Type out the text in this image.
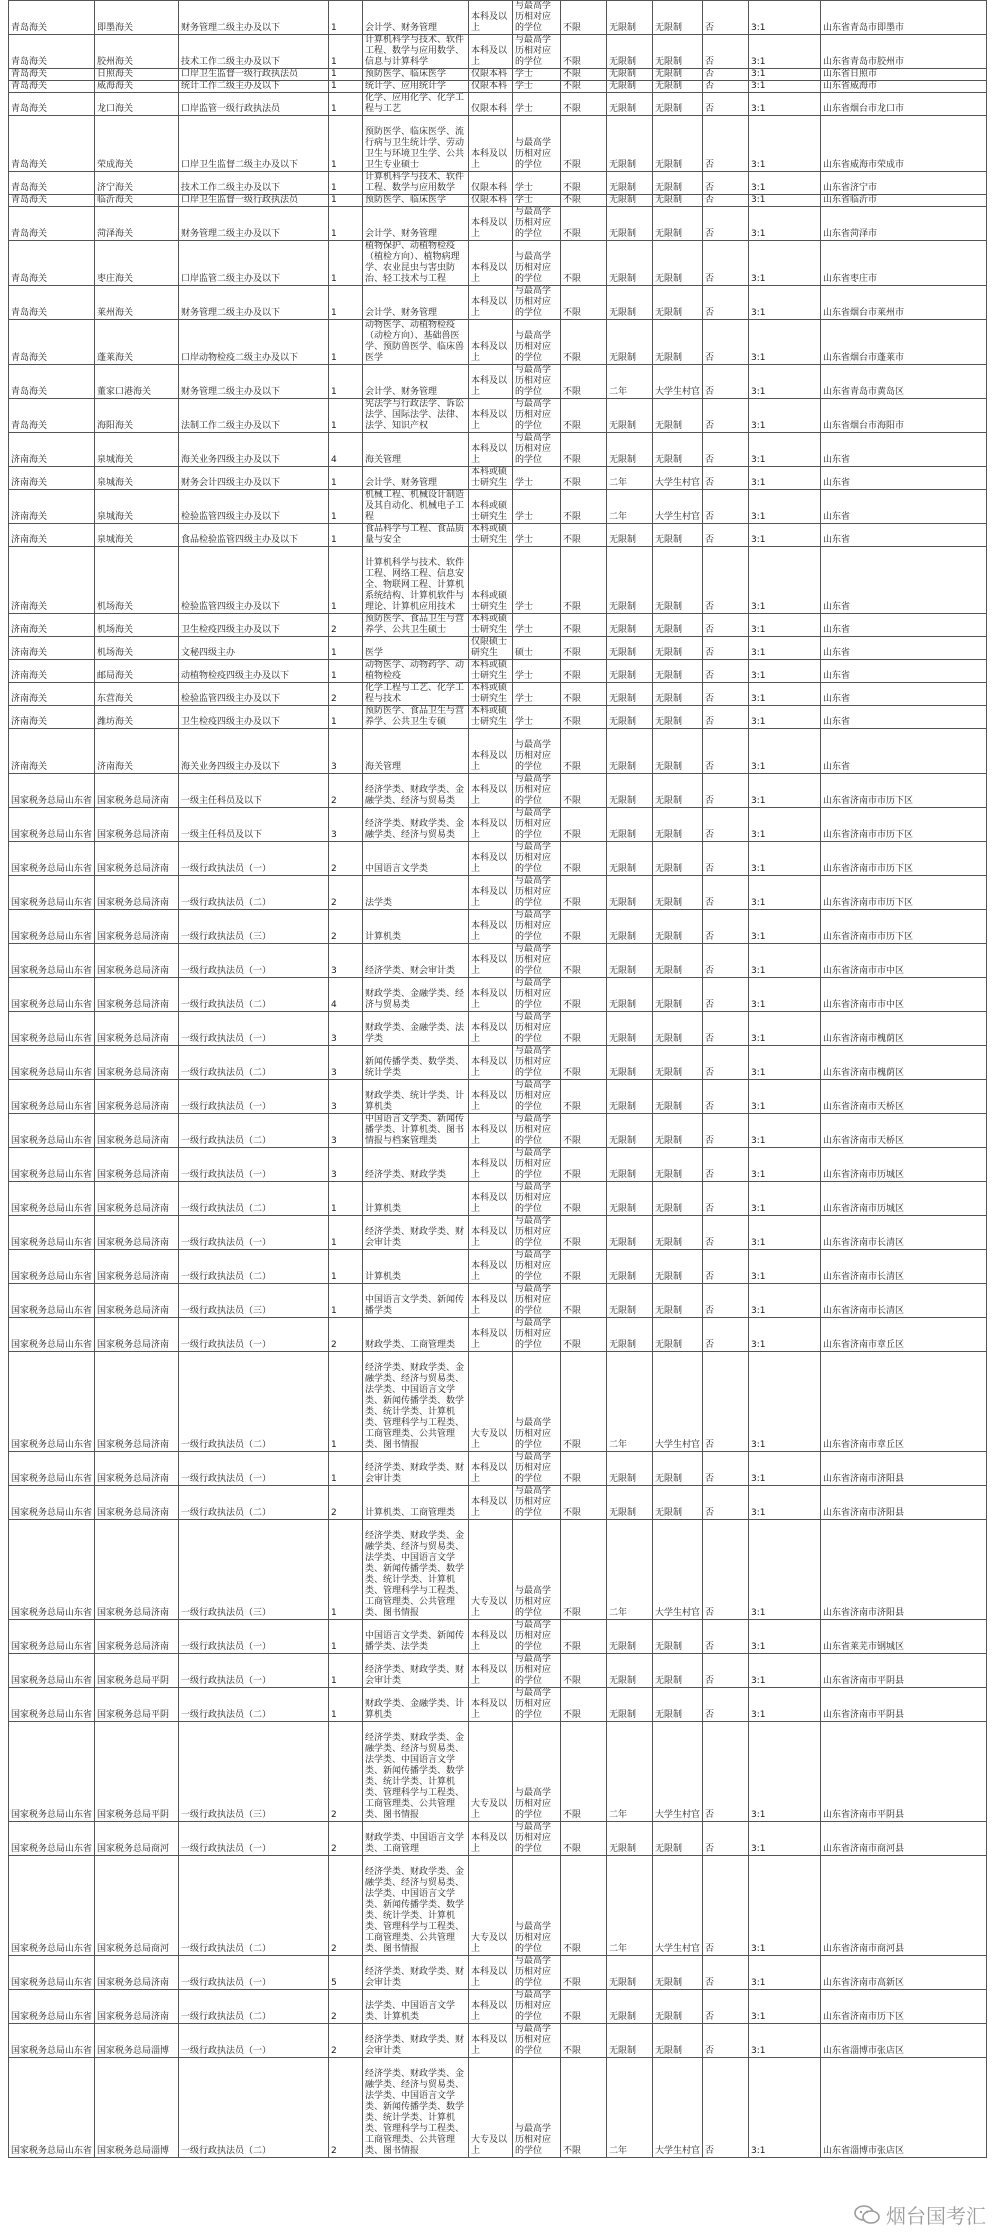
青岛海关	即墨海关	财务管理二级主办及以下	1	会计学、财务管理	本科及以上	与最高学历相对应的学位	不限	无限制	无限制	否	3:1	山东省青岛市即墨市
青岛海关	胶州海关	技术工作二级主办及以下	1	计算机科学与技术、软件工程、数学与应用数学、信息与计算科学	本科及以上	与最高学历相对应的学位	不限	无限制	无限制	否	3:1	山东省青岛市胶州市
青岛海关	日照海关	口岸卫生监督一级行政执法员	1	预防医学、临床医学	仅限本科	学士	不限	无限制	无限制	否	3:1	山东省日照市
青岛海关	威海海关	统计工作二级主办及以下	1	统计学、应用统计学	仅限本科	学士	不限	无限制	无限制	否	3:1	山东省威海市
青岛海关	龙口海关	口岸监管一级行政执法员	1	化学、应用化学、化学工程与工艺	仅限本科	学士	不限	无限制	无限制	否	3:1	山东省烟台市龙口市
青岛海关	荣成海关	口岸卫生监督二级主办及以下	1	预防医学、临床医学、流行病与卫生统计学、劳动卫生与环境卫生学、公共卫生专业硕士	本科及以上	与最高学历相对应的学位	不限	无限制	无限制	否	3:1	山东省威海市荣成市
青岛海关	济宁海关	技术工作二级主办及以下	1	计算机科学与技术、软件工程、数学与应用数学	仅限本科	学士	不限	无限制	无限制	否	3:1	山东省济宁市
青岛海关	临沂海关	口岸卫生监督一级行政执法员	1	预防医学、临床医学	仅限本科	学士	不限	无限制	无限制	否	3:1	山东省临沂市
青岛海关	菏泽海关	财务管理二级主办及以下	1	会计学、财务管理	本科及以上	与最高学历相对应的学位	不限	无限制	无限制	否	3:1	山东省菏泽市
青岛海关	枣庄海关	口岸监管二级主办及以下	1	植物保护、动植物检疫（植检方向）、植物病理学、农业昆虫与害虫防治、轻工技术与工程	本科及以上	与最高学历相对应的学位	不限	无限制	无限制	否	3:1	山东省枣庄市
青岛海关	莱州海关	财务管理二级主办及以下	1	会计学、财务管理	本科及以上	与最高学历相对应的学位	不限	无限制	无限制	否	3:1	山东省烟台市莱州市
青岛海关	蓬莱海关	口岸动物检疫二级主办及以下	1	动物医学、动植物检疫（动检方向）、基础兽医学、预防兽医学、临床兽医学	本科及以上	与最高学历相对应的学位	不限	无限制	无限制	否	3:1	山东省烟台市蓬莱市
青岛海关	董家口港海关	财务管理二级主办及以下	1	会计学、财务管理	本科及以上	与最高学历相对应的学位	不限	二年	大学生村官	否	3:1	山东省青岛市黄岛区
青岛海关	海阳海关	法制工作二级主办及以下	1	宪法学与行政法学、诉讼法学、国际法学、法律、法学、知识产权	本科及以上	与最高学历相对应的学位	不限	无限制	无限制	否	3:1	山东省烟台市海阳市
济南海关	泉城海关	海关业务四级主办及以下	4	海关管理	本科及以上	与最高学历相对应的学位	不限	无限制	无限制	否	3:1	山东省
济南海关	泉城海关	财务会计四级主办及以下	1	会计学、财务管理	本科或硕士研究生	学士	不限	二年	大学生村官	否	3:1	山东省
济南海关	泉城海关	检验监管四级主办及以下	1	机械工程、机械设计制造及其自动化、机械电子工程	本科或硕士研究生	学士	不限	二年	大学生村官	否	3:1	山东省
济南海关	泉城海关	食品检验监管四级主办及以下	1	食品科学与工程、食品质量与安全	本科或硕士研究生	学士	不限	无限制	无限制	否	3:1	山东省
济南海关	机场海关	检验监管四级主办及以下	1	计算机科学与技术、软件工程、网络工程、信息安全、物联网工程、计算机系统结构、计算机软件与理论、计算机应用技术	本科或硕士研究生	学士	不限	无限制	无限制	否	3:1	山东省
济南海关	机场海关	卫生检疫四级主办及以下	2	预防医学、食品卫生与营养学、公共卫生硕士	本科或硕士研究生	学士	不限	无限制	无限制	否	3:1	山东省
济南海关	机场海关	文秘四级主办	1	医学	仅限硕士研究生	硕士	不限	无限制	无限制	否	3:1	山东省
济南海关	邮局海关	动植物检疫四级主办及以下	1	动物医学、动物药学、动植物检疫	本科或硕士研究生	学士	不限	无限制	无限制	否	3:1	山东省
济南海关	东营海关	检验监管四级主办及以下	2	化学工程与工艺、化学工程与技术	本科或硕士研究生	学士	不限	无限制	无限制	否	3:1	山东省
济南海关	潍坊海关	卫生检疫四级主办及以下	1	预防医学、食品卫生与营养学、公共卫生专硕	本科或硕士研究生	学士	不限	无限制	无限制	否	3:1	山东省
济南海关	济南海关	海关业务四级主办及以下	3	海关管理	本科及以上	与最高学历相对应的学位	不限	无限制	无限制	否	3:1	山东省
国家税务总局山东省	国家税务总局济南	一级主任科员及以下	2	经济学类、财政学类、金融学类、经济与贸易类	本科及以上	与最高学历相对应的学位	不限	无限制	无限制	否	3:1	山东省济南市市历下区
国家税务总局山东省	国家税务总局济南	一级主任科员及以下	3	经济学类、财政学类、金融学类、经济与贸易类	本科及以上	与最高学历相对应的学位	不限	无限制	无限制	否	3:1	山东省济南市市历下区
国家税务总局山东省	国家税务总局济南	一级行政执法员（一）	2	中国语言文学类	本科及以上	与最高学历相对应的学位	不限	无限制	无限制	否	3:1	山东省济南市市历下区
国家税务总局山东省	国家税务总局济南	一级行政执法员（二）	2	法学类	本科及以上	与最高学历相对应的学位	不限	无限制	无限制	否	3:1	山东省济南市市历下区
国家税务总局山东省	国家税务总局济南	一级行政执法员（三）	2	计算机类	本科及以上	与最高学历相对应的学位	不限	无限制	无限制	否	3:1	山东省济南市市历下区
国家税务总局山东省	国家税务总局济南	一级行政执法员（一）	3	经济学类、财会审计类	本科及以上	与最高学历相对应的学位	不限	无限制	无限制	否	3:1	山东省济南市市中区
国家税务总局山东省	国家税务总局济南	一级行政执法员（二）	4	财政学类、金融学类、经济与贸易类	本科及以上	与最高学历相对应的学位	不限	无限制	无限制	否	3:1	山东省济南市市中区
国家税务总局山东省	国家税务总局济南	一级行政执法员（一）	3	财政学类、金融学类、法学类	本科及以上	与最高学历相对应的学位	不限	无限制	无限制	否	3:1	山东省济南市槐荫区
国家税务总局山东省	国家税务总局济南	一级行政执法员（二）	3	新闻传播学类、数学类、统计学类	本科及以上	与最高学历相对应的学位	不限	无限制	无限制	否	3:1	山东省济南市槐荫区
国家税务总局山东省	国家税务总局济南	一级行政执法员（一）	3	财政学类、统计学类、计算机类	本科及以上	与最高学历相对应的学位	不限	无限制	无限制	否	3:1	山东省济南市天桥区
国家税务总局山东省	国家税务总局济南	一级行政执法员（二）	3	中国语言文学类、新闻传播学类、计算机类、图书情报与档案管理类	本科及以上	与最高学历相对应的学位	不限	无限制	无限制	否	3:1	山东省济南市天桥区
国家税务总局山东省	国家税务总局济南	一级行政执法员（一）	3	经济学类、财政学类	本科及以上	与最高学历相对应的学位	不限	无限制	无限制	否	3:1	山东省济南市历城区
国家税务总局山东省	国家税务总局济南	一级行政执法员（二）	1	计算机类	本科及以上	与最高学历相对应的学位	不限	无限制	无限制	否	3:1	山东省济南市历城区
国家税务总局山东省	国家税务总局济南	一级行政执法员（一）	1	经济学类、财政学类、财会审计类	本科及以上	与最高学历相对应的学位	不限	无限制	无限制	否	3:1	山东省济南市长清区
国家税务总局山东省	国家税务总局济南	一级行政执法员（二）	1	计算机类	本科及以上	与最高学历相对应的学位	不限	无限制	无限制	否	3:1	山东省济南市长清区
国家税务总局山东省	国家税务总局济南	一级行政执法员（三）	1	中国语言文学类、新闻传播学类	本科及以上	与最高学历相对应的学位	不限	无限制	无限制	否	3:1	山东省济南市长清区
国家税务总局山东省	国家税务总局济南	一级行政执法员（一）	2	财政学类、工商管理类	本科及以上	与最高学历相对应的学位	不限	无限制	无限制	否	3:1	山东省济南市章丘区
国家税务总局山东省	国家税务总局济南	一级行政执法员（二）	1	经济学类、财政学类、金融学类、经济与贸易类、法学类、中国语言文学类、新闻传播学类、数学类、统计学类、计算机类、管理科学与工程类、工商管理类、公共管理类、图书情报	大专及以上	与最高学历相对应的学位	不限	二年	大学生村官	否	3:1	山东省济南市章丘区
国家税务总局山东省	国家税务总局济南	一级行政执法员（一）	1	经济学类、财政学类、财会审计类	本科及以上	与最高学历相对应的学位	不限	无限制	无限制	否	3:1	山东省济南市济阳县
国家税务总局山东省	国家税务总局济南	一级行政执法员（二）	2	计算机类、工商管理类	本科及以上	与最高学历相对应的学位	不限	无限制	无限制	否	3:1	山东省济南市济阳县
国家税务总局山东省	国家税务总局济南	一级行政执法员（三）	1	经济学类、财政学类、金融学类、经济与贸易类、法学类、中国语言文学类、新闻传播学类、数学类、统计学类、计算机类、管理科学与工程类、工商管理类、公共管理类、图书情报	大专及以上	与最高学历相对应的学位	不限	二年	大学生村官	否	3:1	山东省济南市济阳县
国家税务总局山东省	国家税务总局济南	一级行政执法员（一）	1	中国语言文学类、新闻传播学类、法学类	本科及以上	与最高学历相对应的学位	不限	无限制	无限制	否	3:1	山东省莱芜市钢城区
国家税务总局山东省	国家税务总局平阴	一级行政执法员（一）	1	经济学类、财政学类、财会审计类	本科及以上	与最高学历相对应的学位	不限	无限制	无限制	否	3:1	山东省济南市平阴县
国家税务总局山东省	国家税务总局平阴	一级行政执法员（二）	1	财政学类、金融学类、计算机类	本科及以上	与最高学历相对应的学位	不限	无限制	无限制	否	3:1	山东省济南市平阴县
国家税务总局山东省	国家税务总局平阴	一级行政执法员（三）	2	经济学类、财政学类、金融学类、经济与贸易类、法学类、中国语言文学类、新闻传播学类、数学类、统计学类、计算机类、管理科学与工程类、工商管理类、公共管理类、图书情报	大专及以上	与最高学历相对应的学位	不限	二年	大学生村官	否	3:1	山东省济南市平阴县
国家税务总局山东省	国家税务总局商河	一级行政执法员（一）	2	财政学类、中国语言文学类、工商管理	本科及以上	与最高学历相对应的学位	不限	无限制	无限制	否	3:1	山东省济南市商河县
国家税务总局山东省	国家税务总局商河	一级行政执法员（二）	2	经济学类、财政学类、金融学类、经济与贸易类、法学类、中国语言文学类、新闻传播学类、数学类、统计学类、计算机类、管理科学与工程类、工商管理类、公共管理类、图书情报	大专及以上	与最高学历相对应的学位	不限	二年	大学生村官	否	3:1	山东省济南市商河县
国家税务总局山东省	国家税务总局济南	一级行政执法员（一）	5	经济学类、财政学类、财会审计类	本科及以上	与最高学历相对应的学位	不限	无限制	无限制	否	3:1	山东省济南市高新区
国家税务总局山东省	国家税务总局济南	一级行政执法员（二）	2	法学类、中国语言文学类、计算机类	本科及以上	与最高学历相对应的学位	不限	无限制	无限制	否	3:1	山东省济南市历下区
国家税务总局山东省	国家税务总局淄博	一级行政执法员（一）	2	经济学类、财政学类、财会审计类	本科及以上	与最高学历相对应的学位	不限	无限制	无限制	否	3:1	山东省淄博市张店区
国家税务总局山东省	国家税务总局淄博	一级行政执法员（二）	2	经济学类、财政学类、金融学类、经济与贸易类、法学类、中国语言文学类、新闻传播学类、数学类、统计学类、计算机类、管理科学与工程类、工商管理类、公共管理类、图书情报	大专及以上	与最高学历相对应的学位	不限	二年	大学生村官	否	3:1	山东省淄博市张店区
烟台国考汇
